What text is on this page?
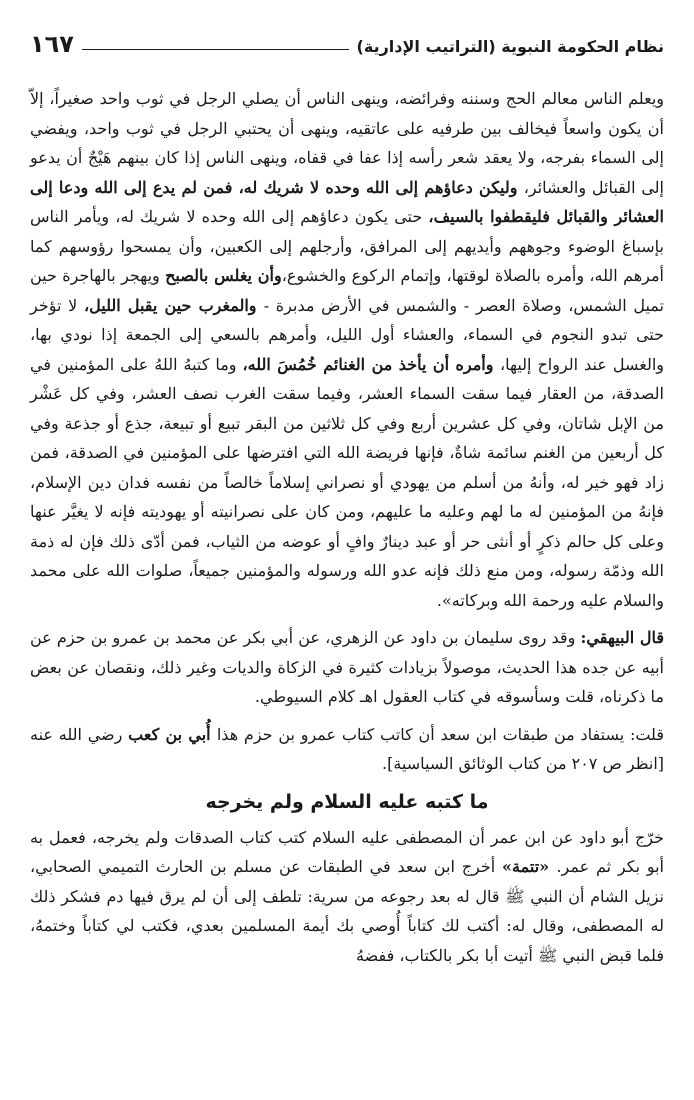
نظام الحكومة النبوية (التراتيب الإدارية)
١٦٧

ويعلم الناس معالم الحج وسننه وفرائضه، وينهى الناس أن يصلي الرجل في ثوب واحد صغيراً، إلاّ أن يكون واسعاً فيخالف بين طرفيه على عاتقيه، وينهى أن يحتبي الرجل في ثوب واحد، ويفضي إلى السماء بفرجه، ولا يعقد شعر رأسه إذا عفا في قفاه، وينهى الناس إذا كان بينهم هَيْجٌ أن يدعو إلى القبائل والعشائر، وليكن دعاؤهم إلى الله وحده لا شريك له، فمن لم يدع إلى الله ودعا إلى العشائر والقبائل فليقطفوا بالسيف، حتى يكون دعاؤهم إلى الله وحده لا شريك له، ويأمر الناس بإسباغ الوضوء وجوههم وأيديهم إلى المرافق، وأرجلهم إلى الكعبين، وأن يمسحوا رؤوسهم كما أمرهم الله، وأمره بالصلاة لوقتها، وإتمام الركوع والخشوع،وأن يغلس بالصبح ويهجر بالهاجرة حين تميل الشمس، وصلاة العصر - والشمس في الأرض مدبرة - والمغرب حين يقبل الليل، لا تؤخر حتى تبدو النجوم في السماء، والعشاء أول الليل، وأمرهم بالسعي إلى الجمعة إذا نودي بها، والغسل عند الرواح إليها، وأمره أن يأخذ من الغنائم خُمُسَ الله، وما كتبهُ اللهُ على المؤمنين في الصدقة، من العقار فيما سقت السماء العشر، وفيما سقت الغرب نصف العشر، وفي كل عَشْر من الإبل شاتان، وفي كل عشرين أربع وفي كل ثلاثين من البقر تبيع أو تبيعة، جذع أو جذعة وفي كل أربعين من الغنم سائمة شاةٌ، فإنها فريضة الله التي افترضها على المؤمنين في الصدقة، فمن زاد فهو خير له، وأنهُ من أسلم من يهودي أو نصراني إسلاماً خالصاً من نفسه فدان دين الإسلام، فإنهُ من المؤمنين له ما لهم وعليه ما عليهم، ومن كان على نصرانيته أو يهوديته فإنه لا يغيَّر عنها وعلى كل حالم ذكرٍ أو أنثى حر أو عبد دينارٌ وافٍ أو عوضه من الثياب، فمن أدّى ذلك فإن له ذمة الله وذمّة رسوله، ومن منع ذلك فإنه عدو الله ورسوله والمؤمنين جميعاً، صلوات الله على محمد والسلام عليه ورحمة الله وبركاته».

قال البيهقي: وقد روى سليمان بن داود عن الزهري، عن أبي بكر عن محمد بن عمرو بن حزم عن أبيه عن جده هذا الحديث، موصولاً بزيادات كثيرة في الزكاة والديات وغير ذلك، ونقصان عن بعض ما ذكرناه، قلت وسأسوقه في كتاب العقول اهـ كلام السيوطي.

قلت: يستفاد من طبقات ابن سعد أن كاتب كتاب عمرو بن حزم هذا أُبي بن كعب رضي الله عنه [انظر ص ٢٠٧ من كتاب الوثائق السياسية].

ما كتبه عليه السلام ولم يخرجه

خرّج أبو داود عن ابن عمر أن المصطفى عليه السلام كتب كتاب الصدقات ولم يخرجه، فعمل به أبو بكر ثم عمر. «تتمة» أخرج ابن سعد في الطبقات عن مسلم بن الحارث التميمي الصحابي، نزيل الشام أن النبي ﷺ قال له بعد رجوعه من سرية: تلطف إلى أن لم يرق فيها دم فشكر ذلك له المصطفى، وقال له: أكتب لك كتاباً أُوصي بك أيمة المسلمين بعدي، فكتب لي كتاباً وختمهُ، فلما قبض النبي ﷺ أتيت أبا بكر بالكتاب، ففضهُ
